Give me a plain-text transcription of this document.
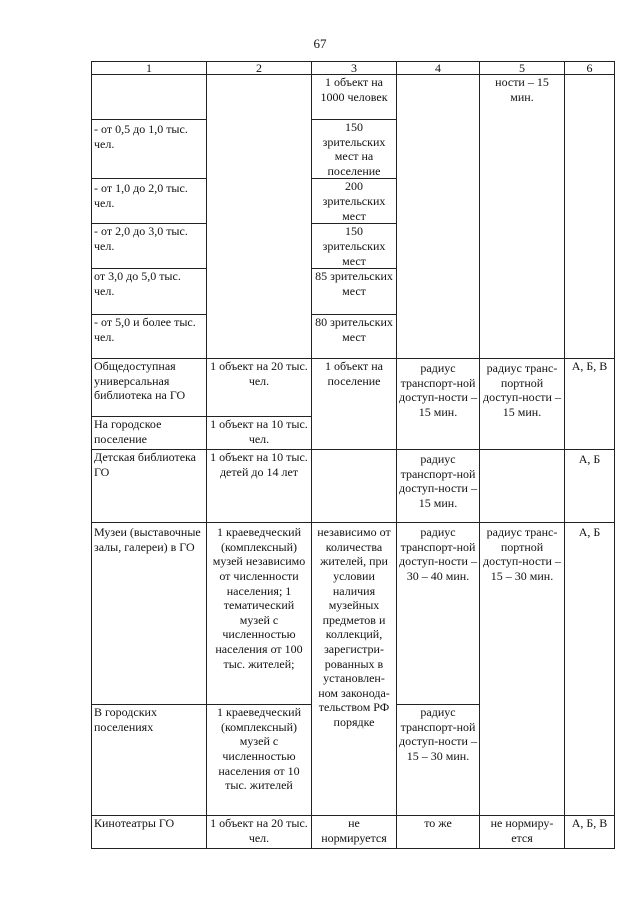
67
1	2	3	4	5	6
		1 объект на 1000 человек		ности – 15 мин.	
- от 0,5 до 1,0 тыс. чел.		150 зрительских мест на поселение			
- от 1,0 до 2,0 тыс. чел.		200 зрительских мест			
- от 2,0 до 3,0 тыс. чел.		150 зрительских мест			
от 3,0 до 5,0 тыс. чел.		85 зрительских мест			
- от 5,0 и более тыс. чел.		80 зрительских мест			
Общедоступная универсальная библиотека на ГО	1 объект на 20 тыс. чел.	1 объект на поселение	радиус транспорт-ной доступ-ности – 15 мин.	радиус транс-портной доступ-ности – 15 мин.	А, Б, В
На городское поселение	1 объект на 10 тыс. чел.				
Детская библиотека ГО	1 объект на 10 тыс. детей до 14 лет		радиус транспорт-ной доступ-ности – 15 мин.		А, Б
Музеи (выставочные залы, галереи) в ГО	1 краеведческий (комплексный) музей независимо от численности населения; 1 тематический музей с численностью населения от 100 тыс. жителей;	независимо от количества жителей, при условии наличия музейных предметов и коллекций, зарегистри-рованных в установлен-ном законода-тельством РФ порядке	радиус транспорт-ной доступ-ности – 30 – 40 мин.	радиус транс-портной доступ-ности – 15 – 30 мин.	А, Б
В городских поселениях	1 краеведческий (комплексный) музей с численностью населения от 10 тыс. жителей		радиус транспорт-ной доступ-ности – 15 – 30 мин.		
Кинотеатры ГО	1 объект на 20 тыс. чел.	не нормируется	то же	не нормиру-ется	А, Б, В
